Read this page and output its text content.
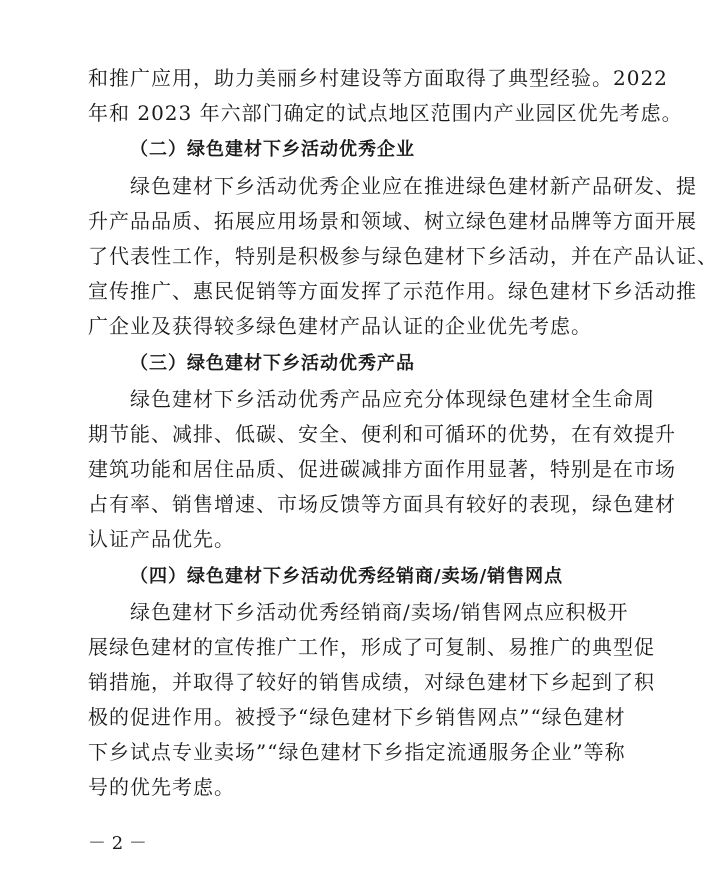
和推广应用，助力美丽乡村建设等方面取得了典型经验。2022
年和 2023 年六部门确定的试点地区范围内产业园区优先考虑。
（二）绿色建材下乡活动优秀企业
绿色建材下乡活动优秀企业应在推进绿色建材新产品研发、提
升产品品质、拓展应用场景和领域、树立绿色建材品牌等方面开展
了代表性工作，特别是积极参与绿色建材下乡活动，并在产品认证、
宣传推广、惠民促销等方面发挥了示范作用。绿色建材下乡活动推
广企业及获得较多绿色建材产品认证的企业优先考虑。
（三）绿色建材下乡活动优秀产品
绿色建材下乡活动优秀产品应充分体现绿色建材全生命周
期节能、减排、低碳、安全、便利和可循环的优势，在有效提升
建筑功能和居住品质、促进碳减排方面作用显著，特别是在市场
占有率、销售增速、市场反馈等方面具有较好的表现，绿色建材
认证产品优先。
（四）绿色建材下乡活动优秀经销商/卖场/销售网点
绿色建材下乡活动优秀经销商/卖场/销售网点应积极开
展绿色建材的宣传推广工作，形成了可复制、易推广的典型促
销措施，并取得了较好的销售成绩，对绿色建材下乡起到了积
极的促进作用。被授予“绿色建材下乡销售网点”“绿色建材
下乡试点专业卖场”“绿色建材下乡指定流通服务企业”等称
号的优先考虑。
－ 2 －
